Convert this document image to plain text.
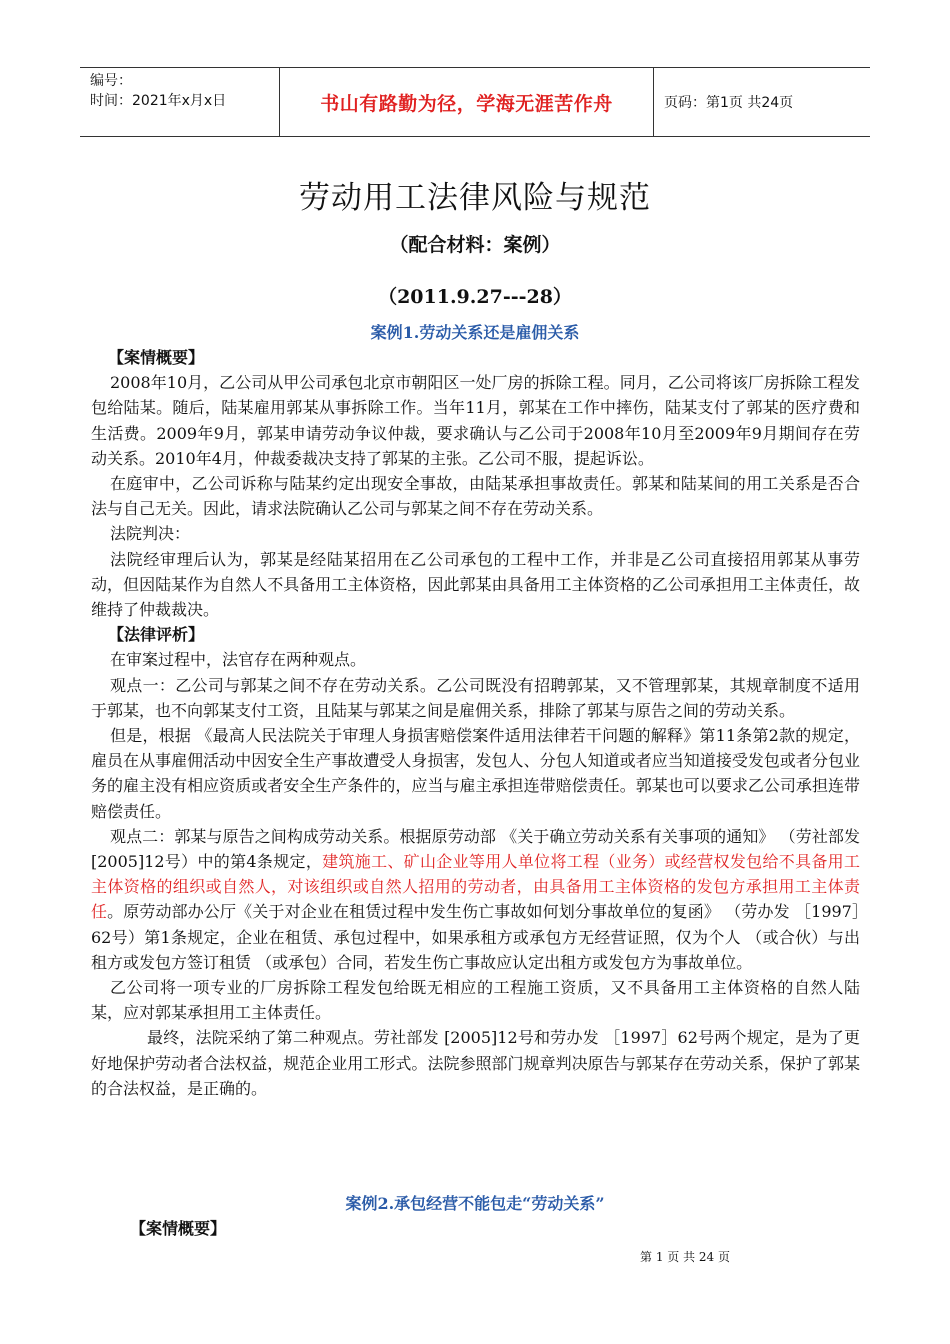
编号：
时间：2021年x月x日	书山有路勤为径，学海无涯苦作舟	页码：第1页 共24页
劳动用工法律风险与规范
（配合材料：案例）
（2011.9.27---28）
案例1.劳动关系还是雇佣关系

【案情概要】

2008年10月，乙公司从甲公司承包北京市朝阳区一处厂房的拆除工程。同月，乙公司将该厂房拆除工程发包给陆某。随后，陆某雇用郭某从事拆除工作。当年11月，郭某在工作中摔伤，陆某支付了郭某的医疗费和生活费。2009年9月，郭某申请劳动争议仲裁，要求确认与乙公司于2008年10月至2009年9月期间存在劳动关系。2010年4月，仲裁委裁决支持了郭某的主张。乙公司不服，提起诉讼。

在庭审中，乙公司诉称与陆某约定出现安全事故，由陆某承担事故责任。郭某和陆某间的用工关系是否合法与自己无关。因此，请求法院确认乙公司与郭某之间不存在劳动关系。

法院判决：

法院经审理后认为，郭某是经陆某招用在乙公司承包的工程中工作，并非是乙公司直接招用郭某从事劳动，但因陆某作为自然人不具备用工主体资格，因此郭某由具备用工主体资格的乙公司承担用工主体责任，故维持了仲裁裁决。

【法律评析】

在审案过程中，法官存在两种观点。

观点一：乙公司与郭某之间不存在劳动关系。乙公司既没有招聘郭某，又不管理郭某，其规章制度不适用于郭某，也不向郭某支付工资，且陆某与郭某之间是雇佣关系，排除了郭某与原告之间的劳动关系。

但是，根据 《最高人民法院关于审理人身损害赔偿案件适用法律若干问题的解释》第11条第2款的规定，雇员在从事雇佣活动中因安全生产事故遭受人身损害，发包人、分包人知道或者应当知道接受发包或者分包业务的雇主没有相应资质或者安全生产条件的，应当与雇主承担连带赔偿责任。郭某也可以要求乙公司承担连带赔偿责任。

观点二：郭某与原告之间构成劳动关系。根据原劳动部 《关于确立劳动关系有关事项的通知》 （劳社部发 [2005]12号）中的第4条规定，建筑施工、矿山企业等用人单位将工程（业务）或经营权发包给不具备用工主体资格的组织或自然人，对该组织或自然人招用的劳动者，由具备用工主体资格的发包方承担用工主体责任。原劳动部办公厅《关于对企业在租赁过程中发生伤亡事故如何划分事故单位的复函》 （劳办发 ［1997］62号）第1条规定，企业在租赁、承包过程中，如果承租方或承包方无经营证照，仅为个人 （或合伙）与出租方或发包方签订租赁 （或承包）合同，若发生伤亡事故应认定出租方或发包方为事故单位。

乙公司将一项专业的厂房拆除工程发包给既无相应的工程施工资质，又不具备用工主体资格的自然人陆某，应对郭某承担用工主体责任。

最终，法院采纳了第二种观点。劳社部发 [2005]12号和劳办发 ［1997］62号两个规定，是为了更好地保护劳动者合法权益，规范企业用工形式。法院参照部门规章判决原告与郭某存在劳动关系，保护了郭某的合法权益，是正确的。

案例2.承包经营不能包走“劳动关系”
【案情概要】
第 1 页 共 24 页
